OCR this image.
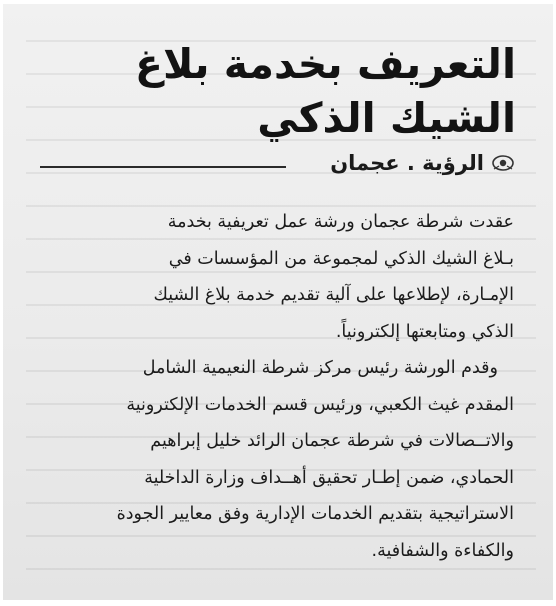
التعريف بخدمة بلاغ
الشيك الذكي
الرؤية . عجمان

عقدت شرطة عجمان ورشة عمل تعريفية بخدمة
بـلاغ الشيك الذكي لمجموعة من المؤسسات في
الإمـارة، لإطلاعها على آلية تقديم خدمة بلاغ الشيك
الذكي ومتابعتها إلكترونياً.

وقدم الورشة رئيس مركز شرطة النعيمية الشامل
المقدم غيث الكعبي، ورئيس قسم الخدمات الإلكترونية
والاتــصالات في شرطة عجمان الرائد خليل إبراهيم
الحمادي، ضمن إطـار تحقيق أهــداف وزارة الداخلية
الاستراتيجية بتقديم الخدمات الإدارية وفق معايير الجودة
والكفاءة والشفافية.
